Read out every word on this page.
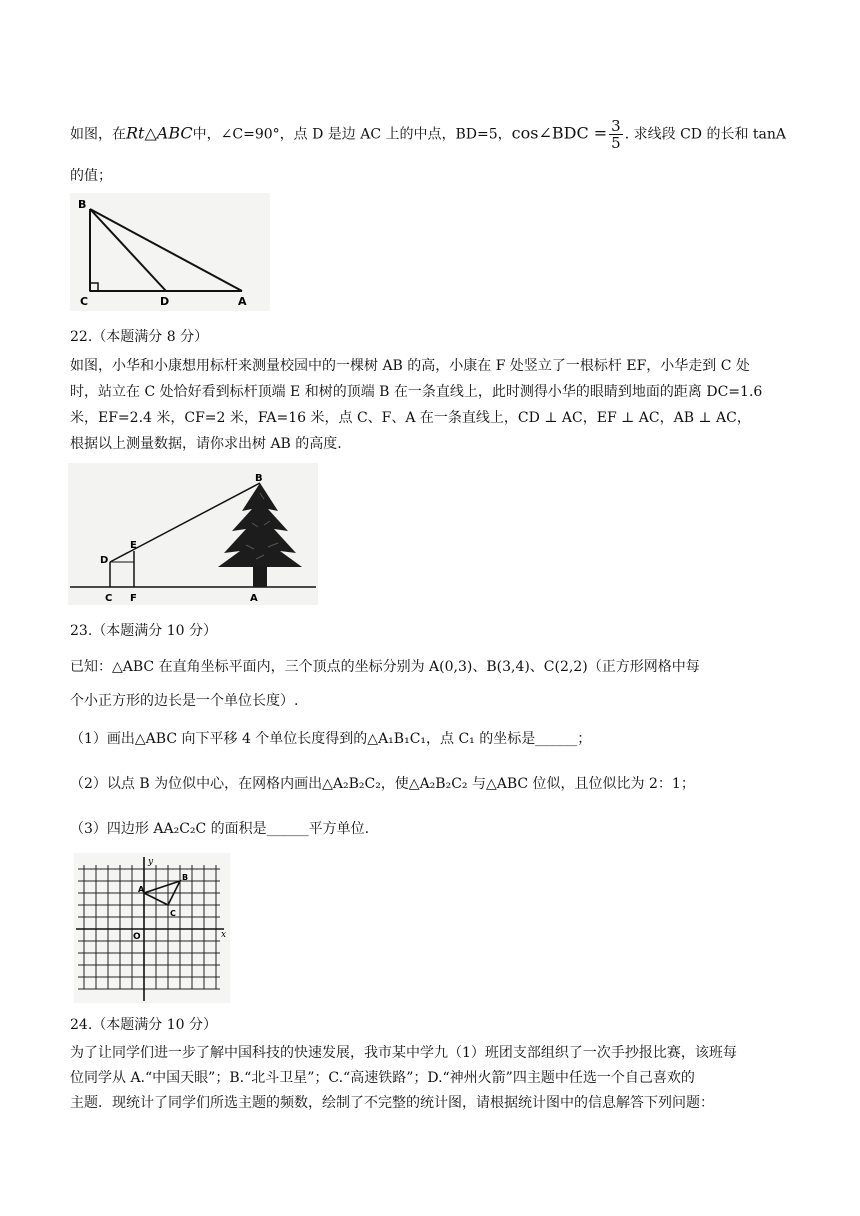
如图，在Rt△ABC中，∠C=90°，点 D 是边 AC 上的中点，BD=5，cos∠BDC = $\frac{3}{5}$ . 求线段 CD 的长和 tanA

的值；

B
C	D	A

22.（本题满分 8 分）

如图，小华和小康想用标杆来测量校园中的一棵树 AB 的高，小康在 F 处竖立了一根标杆 EF，小华走到 C 处

时，站立在 C 处恰好看到标杆顶端 E 和树的顶端 B 在一条直线上，此时测得小华的眼睛到地面的距离 DC=1.6

米，EF=2.4 米，CF=2 米，FA=16 米，点 C、F、A 在一条直线上，CD ⊥ AC，EF ⊥ AC，AB ⊥ AC，

根据以上测量数据，请你求出树 AB 的高度.

B
E
D
C F	A

23.（本题满分 10 分）

已知：△ABC 在直角坐标平面内，三个顶点的坐标分别为 A(0,3)、B(3,4)、C(2,2)（正方形网格中每

个小正方形的边长是一个单位长度）.

（1）画出△ABC 向下平移 4 个单位长度得到的△A₁B₁C₁，点 C₁ 的坐标是______；

（2）以点 B 为位似中心，在网格内画出△A₂B₂C₂，使△A₂B₂C₂ 与△ABC 位似，且位似比为 2：1；

（3）四边形 AA₂C₂C 的面积是______平方单位.

y
x
O
A
B
C

24.（本题满分 10 分）

为了让同学们进一步了解中国科技的快速发展，我市某中学九（1）班团支部组织了一次手抄报比赛，该班每

位同学从 A.“中国天眼”；B.“北斗卫星”；C.“高速铁路”；D.“神州火箭”四主题中任选一个自己喜欢的

主题．现统计了同学们所选主题的频数，绘制了不完整的统计图，请根据统计图中的信息解答下列问题：
